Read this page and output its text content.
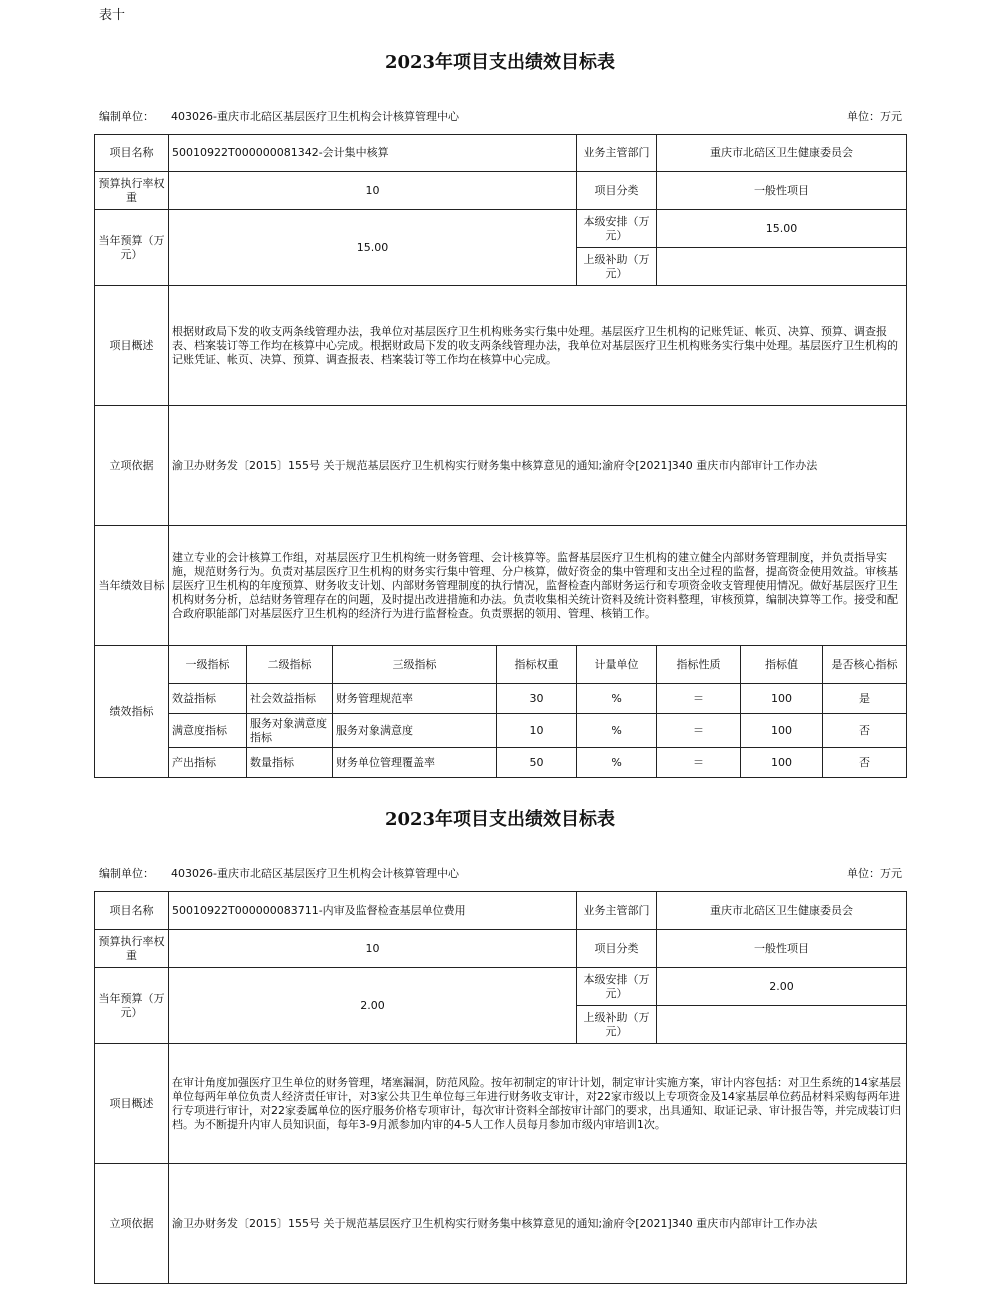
表十
2023年项目支出绩效目标表
编制单位： 403026-重庆市北碚区基层医疗卫生机构会计核算管理中心	单位：万元
项目名称	50010922T000000081342-会计集中核算				业务主管部门	重庆市北碚区卫生健康委员会		
预算执行率权重	10				项目分类	一般性项目		
当年预算（万元）	15.00				本级安排（万元）	15.00		
					上级补助（万元）			
项目概述	根据财政局下发的收支两条线管理办法，我单位对基层医疗卫生机构账务实行集中处理。基层医疗卫生机构的记账凭证、帐页、决算、预算、调查报表、档案装订等工作均在核算中心完成。根据财政局下发的收支两条线管理办法，我单位对基层医疗卫生机构账务实行集中处理。基层医疗卫生机构的记账凭证、帐页、决算、预算、调查报表、档案装订等工作均在核算中心完成。							
立项依据	渝卫办财务发〔2015〕155号 关于规范基层医疗卫生机构实行财务集中核算意见的通知;渝府令[2021]340 重庆市内部审计工作办法							
当年绩效目标	建立专业的会计核算工作组，对基层医疗卫生机构统一财务管理、会计核算等。监督基层医疗卫生机构的建立健全内部财务管理制度，并负责指导实施，规范财务行为。负责对基层医疗卫生机构的财务实行集中管理、分户核算，做好资金的集中管理和支出全过程的监督，提高资金使用效益。审核基层医疗卫生机构的年度预算、财务收支计划、内部财务管理制度的执行情况，监督检查内部财务运行和专项资金收支管理使用情况。做好基层医疗卫生机构财务分析，总结财务管理存在的问题，及时提出改进措施和办法。负责收集相关统计资料及统计资料整理，审核预算，编制决算等工作。接受和配合政府职能部门对基层医疗卫生机构的经济行为进行监督检查。负责票据的领用、管理、核销工作。							
绩效指标	一级指标	二级指标	三级指标	指标权重	计量单位	指标性质	指标值	是否核心指标
	效益指标	社会效益指标	财务管理规范率	30	%	＝	100	是
	满意度指标	服务对象满意度指标	服务对象满意度	10	%	＝	100	否
	产出指标	数量指标	财务单位管理覆盖率	50	%	＝	100	否
2023年项目支出绩效目标表
编制单位： 403026-重庆市北碚区基层医疗卫生机构会计核算管理中心	单位：万元
项目名称	50010922T000000083711-内审及监督检查基层单位费用	业务主管部门	重庆市北碚区卫生健康委员会
预算执行率权重	10	项目分类	一般性项目
当年预算（万元）	2.00	本级安排（万元）	2.00
		上级补助（万元）	
项目概述	在审计角度加强医疗卫生单位的财务管理，堵塞漏洞，防范风险。按年初制定的审计计划，制定审计实施方案，审计内容包括：对卫生系统的14家基层单位每两年单位负责人经济责任审计，对3家公共卫生单位每三年进行财务收支审计，对22家市级以上专项资金及14家基层单位药品材料采购每两年进行专项进行审计，对22家委属单位的医疗服务价格专项审计，每次审计资料全部按审计部门的要求，出具通知、取证记录、审计报告等，并完成装订归档。为不断提升内审人员知识面，每年3-9月派参加内审的4-5人工作人员每月参加市级内审培训1次。		
立项依据	渝卫办财务发〔2015〕155号 关于规范基层医疗卫生机构实行财务集中核算意见的通知;渝府令[2021]340 重庆市内部审计工作办法		
